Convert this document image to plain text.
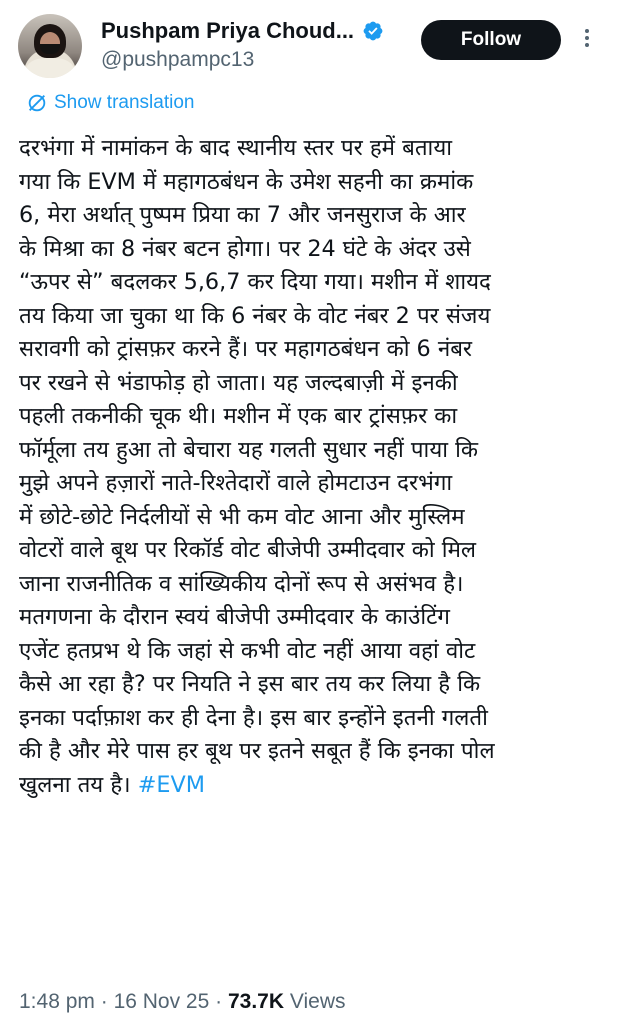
Pushpam Priya Choud...
@pushpampc13
Follow
Show translation
दरभंगा में नामांकन के बाद स्थानीय स्तर पर हमें बताया
गया कि EVM में महागठबंधन के उमेश सहनी का क्रमांक
6, मेरा अर्थात् पुष्पम प्रिया का 7 और जनसुराज के आर
के मिश्रा का 8 नंबर बटन होगा। पर 24 घंटे के अंदर उसे
“ऊपर से” बदलकर 5,6,7 कर दिया गया। मशीन में शायद
तय किया जा चुका था कि 6 नंबर के वोट नंबर 2 पर संजय
सरावगी को ट्रांसफ़र करने हैं। पर महागठबंधन को 6 नंबर
पर रखने से भंडाफोड़ हो जाता। यह जल्दबाज़ी में इनकी
पहली तकनीकी चूक थी। मशीन में एक बार ट्रांसफ़र का
फॉर्मूला तय हुआ तो बेचारा यह गलती सुधार नहीं पाया कि
मुझे अपने हज़ारों नाते-रिश्तेदारों वाले होमटाउन दरभंगा
में छोटे-छोटे निर्दलीयों से भी कम वोट आना और मुस्लिम
वोटरों वाले बूथ पर रिकॉर्ड वोट बीजेपी उम्मीदवार को मिल
जाना राजनीतिक व सांख्यिकीय दोनों रूप से असंभव है।
मतगणना के दौरान स्वयं बीजेपी उम्मीदवार के काउंटिंग
एजेंट हतप्रभ थे कि जहां से कभी वोट नहीं आया वहां वोट
कैसे आ रहा है? पर नियति ने इस बार तय कर लिया है कि
इनका पर्दाफ़ाश कर ही देना है। इस बार इन्होंने इतनी गलती
की है और मेरे पास हर बूथ पर इतने सबूत हैं कि इनका पोल
खुलना तय है। #EVM
1:48 pm · 16 Nov 25 · 73.7K Views
